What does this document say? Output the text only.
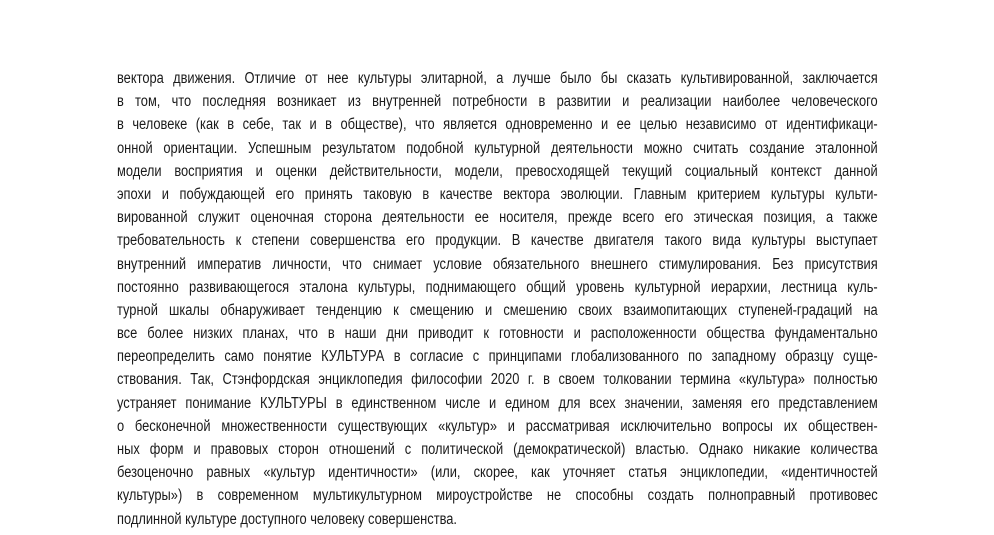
вектора движения. Отличие от нее культуры элитарной, а лучше было бы сказать культивированной, заключается
в том, что последняя возникает из внутренней потребности в развитии и реализации наиболее человеческого
в человеке (как в себе, так и в обществе), что является одновременно и ее целью независимо от идентификаци-
онной ориентации. Успешным результатом подобной культурной деятельности можно считать создание эталонной
модели восприятия и оценки действительности, модели, превосходящей текущий социальный контекст данной
эпохи и побуждающей его принять таковую в качестве вектора эволюции. Главным критерием культуры культи-
вированной служит оценочная сторона деятельности ее носителя, прежде всего его этическая позиция, а также
требовательность к степени совершенства его продукции. В качестве двигателя такого вида культуры выступает
внутренний императив личности, что снимает условие обязательного внешнего стимулирования. Без присутствия
постоянно развивающегося эталона культуры, поднимающего общий уровень культурной иерархии, лестница куль-
турной шкалы обнаруживает тенденцию к смещению и смешению своих взаимопитающих ступеней-градаций на
все более низких планах, что в наши дни приводит к готовности и расположенности общества фундаментально
переопределить само понятие КУЛЬТУРА в согласие с принципами глобализованного по западному образцу суще-
ствования. Так, Стэнфордская энциклопедия философии 2020 г. в своем толковании термина «культура» полностью
устраняет понимание КУЛЬТУРЫ в единственном числе и едином для всех значении, заменяя его представлением
о бесконечной множественности существующих «культур» и рассматривая исключительно вопросы их обществен-
ных форм и правовых сторон отношений с политической (демократической) властью. Однако никакие количества
безоценочно равных «культур идентичности» (или, скорее, как уточняет статья энциклопедии, «идентичностей
культуры») в современном мультикультурном мироустройстве не способны создать полноправный противовес
подлинной культуре доступного человеку совершенства.
